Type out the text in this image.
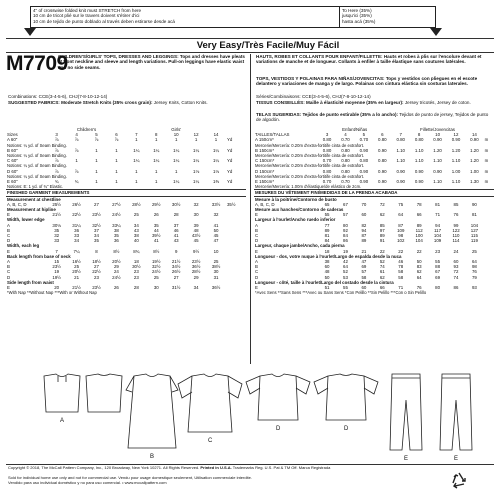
4" of crosswise folded knit must STRETCH from here
10 cm de tricot plié sur le travers doivent s'étirer d'ici
10 cm de tejido de punto doblado al través deben estirarse desde acá
To Here (35%)
jusqu'ici (35%)
hasta acá (35%)
Very Easy/Très Facile/Muy Fácil
M7709
CHILDREN'S/GIRLS' TOPS, DRESSES AND LEGGINGS: Tops and dresses have pleats at front neckline and sleeve and length variations. Pull-on leggings have elastic waist and no side seams.
HAUTS, ROBES ET COLLANTS POUR ENFANT/FILLETTE: Hauts et robes à plis sur l'encolure devant et variations de manche et de longueur. Collants à enfiler à taille élastique sans coutures latérales.
TOPS, VESTIDOS Y POLAINAS PARA NIÑAS/JOVENCITAS: Tops y vestidos con pliegues en el escote delantero y variaciones de manga y de largo. Polainas con cintura elástica sin costuras laterales.
Combinations: CCE(3-4-5-6), CHJ(7-8-10-12-14)
SUGGESTED FABRICS: Moderate Stretch Knits (35% cross grain): Jersey Knits, Cotton Knits.
Séries/Combinaisons: CCE(3-4-5-6), CHJ(7-8-10-12-14)
TISSUS CONSEILLÉS: Maille à élasticité moyenne (35% en largeur): Jersey tricotés, Jersey de coton.
TELAS SUGERIDAS: Tejidos de punto estirable (35% a lo ancho): Tejidos de punto de jersey, Tejidos de punto de algodón.
	Children's				Girls'					
Sizes	3	4	5	6	7	8	10	12	14	
A 60"	⅞	⅞	⅞	⅞	1	1	1	1	1	Yd
Notions: ¼ yd. of Seam Binding.										
B 60"	⅞	⅞	1	1	1¼	1¼	1¼	1¼	1¼	Yd
Notions: ¼ yd. of Seam Binding.										
C 60"	⅞	1	1	1	1¼	1¼	1¼	1¼	1¼	Yd
Notions: ¼ yd. of Seam Binding.										
D 60"	⅞	⅞	1	1	1	1	1	1⅛	1⅛	Yd
Notions: ¼ yd. of Seam Binding.										
E 60"	¾	¾	1	1	1	1	1¼	1¼	1⅜	Yd
Notions: E: 1 yd. of ¾" Elastic.										
FINISHED GARMENT MEASUREMENTS										
Measurement at chestline										
A, B, C, D	25½	26½	27	27½	28½	29½	30½	32	33½	35½
Measurement at hipline										
E	21½	22½	23½	24½	25	26	28	30	32	
Width, lower edge										
A	30⅛	31¼	32½	33¼	34	35	37	39	41	
B	35	36	37	38	43	44	46	48	50	
C	32	33	34	35	38	39½	41	43½	45	
D	33	34	35	36	40	41	43	45	47	
Width, each leg										
E	7	7¼	8	8½	8¾	8½	9	9½	10	
Back length from base of neck										
A	15	16½	18½	20½	18	19½	21½	23½	25	
B	23½	25	27	29	30½	32½	34½	36½	38½	
C	19	20½	22½	24	23	24½	26½	28½	30	
D	19½	21	23	24½	23	25	27	29	31	
Side length from waist										
E	20	21½	23½	26	28	30	31½	34	36½	
*With Nap **Without Nap ***With or Without Nap										
	Enfant/Niñas				Fillette/Jovencitas					
TAILLES/TALLAS	3	4	5	6	7	8	10	12	14	
A 150cm*	0.80	0.70	0.70	0.80	0.80	0.80	0.90	0.90	0.90	m
Mercerie/Mercería: 0.20m d'extra-fortitife cinta de extrafort.										
B 150cm*	0.80	0.80	0.90	0.90	1.10	1.10	1.20	1.20	1.20	m
Mercerie/Mercería: 0.20m d'extra-fortitife cinta de extrafort.										
C 150cm*	0.70	0.80	0.80	0.80	1.10	1.10	1.10	1.10	1.20	m
Mercerie/Mercería: 0.20m d'extra-fortitife cinta de extrafort.										
D 150cm*	0.80	0.80	0.90	0.90	0.90	0.90	0.90	1.00	1.00	m
Mercerie/Mercería: 0.20m d'extra-fortitife cinta de extrafort.										
E 150cm*	0.70	0.70	0.90	0.90	0.90	0.90	1.10	1.10	1.30	m
Mercerie/Mercería: 1.00m d'élastique/de elástico de 2cm.										
MESURES DU VÊTEMENT FINI/MEDIDAS DE LA PRENDA ACABADA										
Mesure à la poitrine/Contorno de busto										
A, B, C, D	65	67	70	72	75	78	81	85	90	
Mesure aux hanches/Contorno de caderas										
E	55	57	60	62	64	66	71	76	81	
Largeur à l'ourlet/Ancho ruedo inferior										
A	77	80	82	85	87	89	94	99	104	
B	89	92	94	97	109	112	117	122	127	
C	81	84	87	89	98	100	104	110	115	
D	84	86	89	91	102	104	109	114	119	
Largeur, chaque jambe/Ancho, cada pierna										
E	18	19	21	22	22	22	23	24	25	
Longueur - dos, votre nuque à l'ourlet/Largo de espalda desde la nuca										
A	38	42	47	52	46	50	55	60	64	
B	60	64	69	74	78	83	88	93	98	
C	48	52	57	61	58	62	67	72	76	
D	50	53	58	62	58	64	69	74	79	
Longueur - côté, taille à l'ourlet/Largo del costado desde la cintura										
E	51	55	60	66	71	76	80	86	93	
*Avec Sens **Sans Sens ***Avec ou Sans Sens *Con Pelillo **Sin Pelillo ***Con o Sin Pelillo										
A
B
C
D	D
E	E
Copyright © 2018, The McCall Pattern Company, Inc., 120 Broadway, New York 10271. All Rights Reserved. Printed in U.S.A. Trademarks Reg. U.S. Pat & TM Off. Marca Registrada
Sold for individual home use only and not for commercial use. Vendu pour usage domestique seulement, Utilisation commerciale interdite.
Vendido para uso individual doméstico y no para uso comercial. • www.mccallpattern.com
